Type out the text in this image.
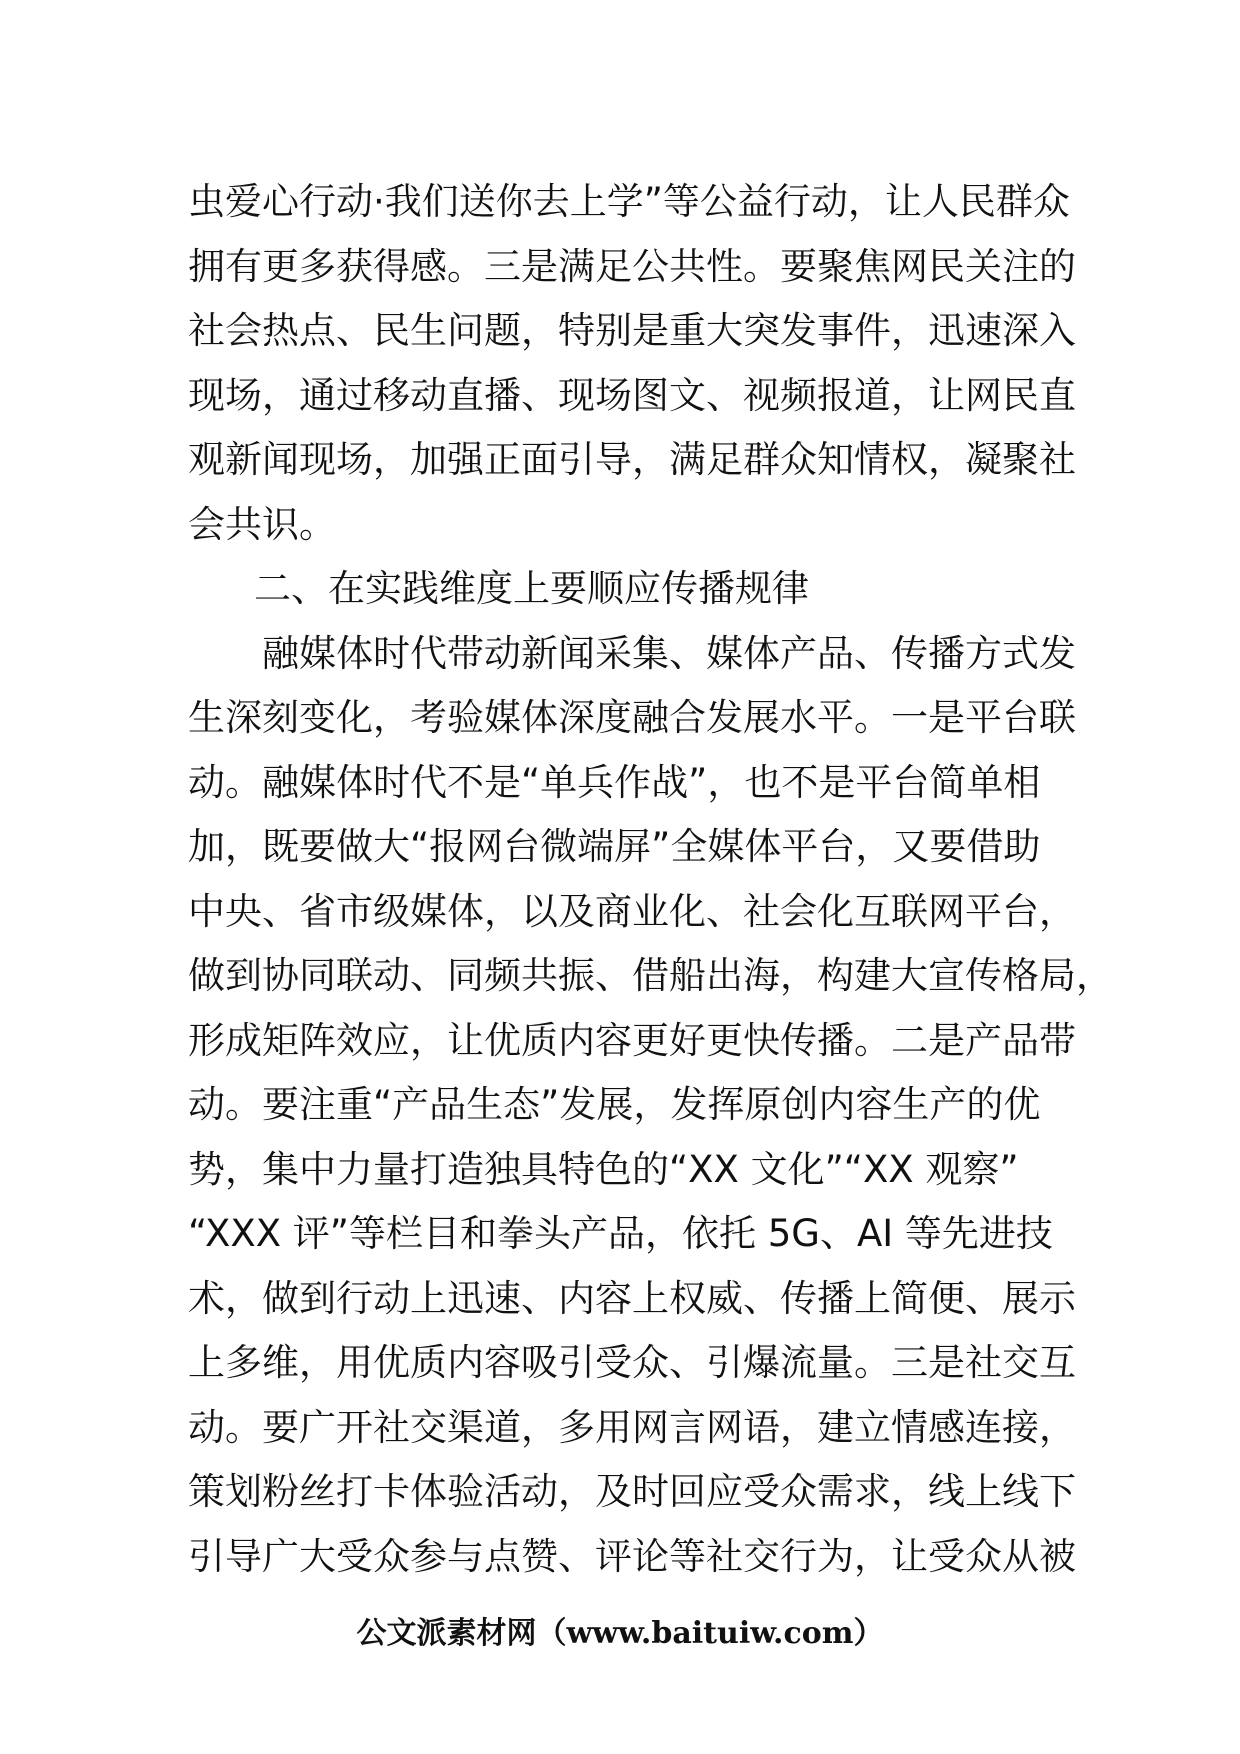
虫爱心行动·我们送你去上学”等公益行动，让人民群众
拥有更多获得感。三是满足公共性。要聚焦网民关注的
社会热点、民生问题，特别是重大突发事件，迅速深入
现场，通过移动直播、现场图文、视频报道，让网民直
观新闻现场，加强正面引导，满足群众知情权，凝聚社
会共识。
二、在实践维度上要顺应传播规律
融媒体时代带动新闻采集、媒体产品、传播方式发
生深刻变化，考验媒体深度融合发展水平。一是平台联
动。融媒体时代不是“单兵作战”，也不是平台简单相
加，既要做大“报网台微端屏”全媒体平台，又要借助
中央、省市级媒体，以及商业化、社会化互联网平台，
做到协同联动、同频共振、借船出海，构建大宣传格局，
形成矩阵效应，让优质内容更好更快传播。二是产品带
动。要注重“产品生态”发展，发挥原创内容生产的优
势，集中力量打造独具特色的“XX 文化”“XX 观察”
“XXX 评”等栏目和拳头产品，依托 5G、AI 等先进技
术，做到行动上迅速、内容上权威、传播上简便、展示
上多维，用优质内容吸引受众、引爆流量。三是社交互
动。要广开社交渠道，多用网言网语，建立情感连接，
策划粉丝打卡体验活动，及时回应受众需求，线上线下
引导广大受众参与点赞、评论等社交行为，让受众从被
公文派素材网（www.baituiw.com）
